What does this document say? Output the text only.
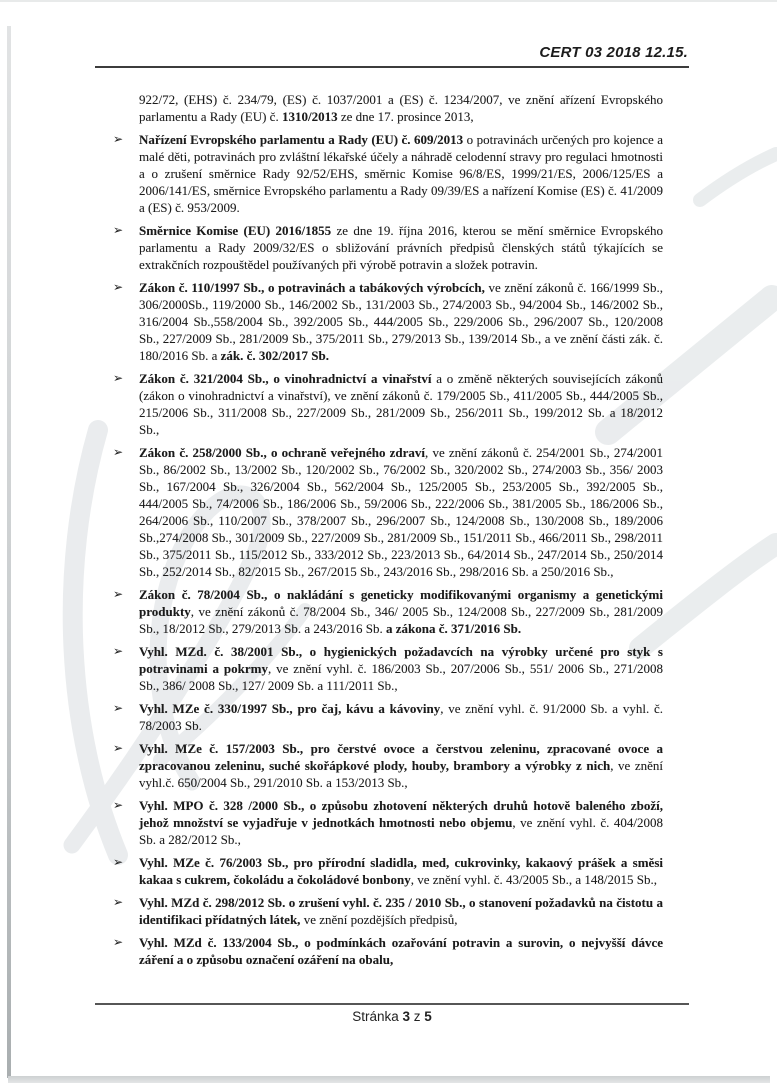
CERT 03 2018 12.15.
922/72, (EHS) č. 234/79, (ES) č. 1037/2001 a (ES) č. 1234/2007, ve znění ařízení Evropského parlamentu a Rady (EU) č. 1310/2013 ze dne 17. prosince 2013,
➢ Nařízení Evropského parlamentu a Rady (EU) č. 609/2013 o potravinách určených pro kojence a malé děti, potravinách pro zvláštní lékařské účely a náhradě celodenní stravy pro regulaci hmotnosti a o zrušení směrnice Rady 92/52/EHS, směrnic Komise 96/8/ES, 1999/21/ES, 2006/125/ES a 2006/141/ES, směrnice Evropského parlamentu a Rady 09/39/ES a nařízení Komise (ES) č. 41/2009 a (ES) č. 953/2009.
➢ Směrnice Komise (EU) 2016/1855 ze dne 19. října 2016, kterou se mění směrnice Evropského parlamentu a Rady 2009/32/ES o sbližování právních předpisů členských států týkajících se extrakčních rozpouštědel používaných při výrobě potravin a složek potravin.
➢ Zákon č. 110/1997 Sb., o potravinách a tabákových výrobcích, ve znění zákonů č. 166/1999 Sb., 306/2000Sb., 119/2000 Sb., 146/2002 Sb., 131/2003 Sb., 274/2003 Sb., 94/2004 Sb., 146/2002 Sb., 316/2004 Sb.,558/2004 Sb., 392/2005 Sb., 444/2005 Sb., 229/2006 Sb., 296/2007 Sb., 120/2008 Sb., 227/2009 Sb., 281/2009 Sb., 375/2011 Sb., 279/2013 Sb., 139/2014 Sb., a ve znění části zák. č. 180/2016 Sb. a zák. č. 302/2017 Sb.
➢ Zákon č. 321/2004 Sb., o vinohradnictví a vinařství a o změně některých souvisejících zákonů (zákon o vinohradnictví a vinařství), ve znění zákonů č. 179/2005 Sb., 411/2005 Sb., 444/2005 Sb., 215/2006 Sb., 311/2008 Sb., 227/2009 Sb., 281/2009 Sb., 256/2011 Sb., 199/2012 Sb. a 18/2012 Sb.,
➢ Zákon č. 258/2000 Sb., o ochraně veřejného zdraví, ve znění zákonů č. 254/2001 Sb., 274/2001 Sb., 86/2002 Sb., 13/2002 Sb., 120/2002 Sb., 76/2002 Sb., 320/2002 Sb., 274/2003 Sb., 356/ 2003 Sb., 167/2004 Sb., 326/2004 Sb., 562/2004 Sb., 125/2005 Sb., 253/2005 Sb., 392/2005 Sb., 444/2005 Sb., 74/2006 Sb., 186/2006 Sb., 59/2006 Sb., 222/2006 Sb., 381/2005 Sb., 186/2006 Sb., 264/2006 Sb., 110/2007 Sb., 378/2007 Sb., 296/2007 Sb., 124/2008 Sb., 130/2008 Sb., 189/2006 Sb.,274/2008 Sb., 301/2009 Sb., 227/2009 Sb., 281/2009 Sb., 151/2011 Sb., 466/2011 Sb., 298/2011 Sb., 375/2011 Sb., 115/2012 Sb., 333/2012 Sb., 223/2013 Sb., 64/2014 Sb., 247/2014 Sb., 250/2014 Sb., 252/2014 Sb., 82/2015 Sb., 267/2015 Sb., 243/2016 Sb., 298/2016 Sb. a 250/2016 Sb.,
➢ Zákon č. 78/2004 Sb., o nakládání s geneticky modifikovanými organismy a genetickými produkty, ve znění zákonů č. 78/2004 Sb., 346/ 2005 Sb., 124/2008 Sb., 227/2009 Sb., 281/2009 Sb., 18/2012 Sb., 279/2013 Sb. a 243/2016 Sb. a zákona č. 371/2016 Sb.
➢ Vyhl. MZd. č. 38/2001 Sb., o hygienických požadavcích na výrobky určené pro styk s potravinami a pokrmy, ve znění vyhl. č. 186/2003 Sb., 207/2006 Sb., 551/ 2006 Sb., 271/2008 Sb., 386/ 2008 Sb., 127/ 2009 Sb. a 111/2011 Sb.,
➢ Vyhl. MZe č. 330/1997 Sb., pro čaj, kávu a kávoviny, ve znění vyhl. č. 91/2000 Sb. a vyhl. č. 78/2003 Sb.
➢ Vyhl. MZe č. 157/2003 Sb., pro čerstvé ovoce a čerstvou zeleninu, zpracované ovoce a zpracovanou zeleninu, suché skořápkové plody, houby, brambory a výrobky z nich, ve znění vyhl.č. 650/2004 Sb., 291/2010 Sb. a 153/2013 Sb.,
➢ Vyhl. MPO č. 328 /2000 Sb., o způsobu zhotovení některých druhů hotově baleného zboží, jehož množství se vyjadřuje v jednotkách hmotnosti nebo objemu, ve znění vyhl. č. 404/2008 Sb. a 282/2012 Sb.,
➢ Vyhl. MZe č. 76/2003 Sb., pro přírodní sladidla, med, cukrovinky, kakaový prášek a směsi kakaa s cukrem, čokoládu a čokoládové bonbony, ve znění vyhl. č. 43/2005 Sb., a 148/2015 Sb.,
➢ Vyhl. MZd č. 298/2012 Sb. o zrušení vyhl. č. 235 / 2010 Sb., o stanovení požadavků na čistotu a identifikaci přídatných látek, ve znění pozdějších předpisů,
➢ Vyhl. MZd č. 133/2004 Sb., o podmínkách ozařování potravin a surovin, o nejvyšší dávce záření a o způsobu označení ozáření na obalu,
Stránka 3 z 5
